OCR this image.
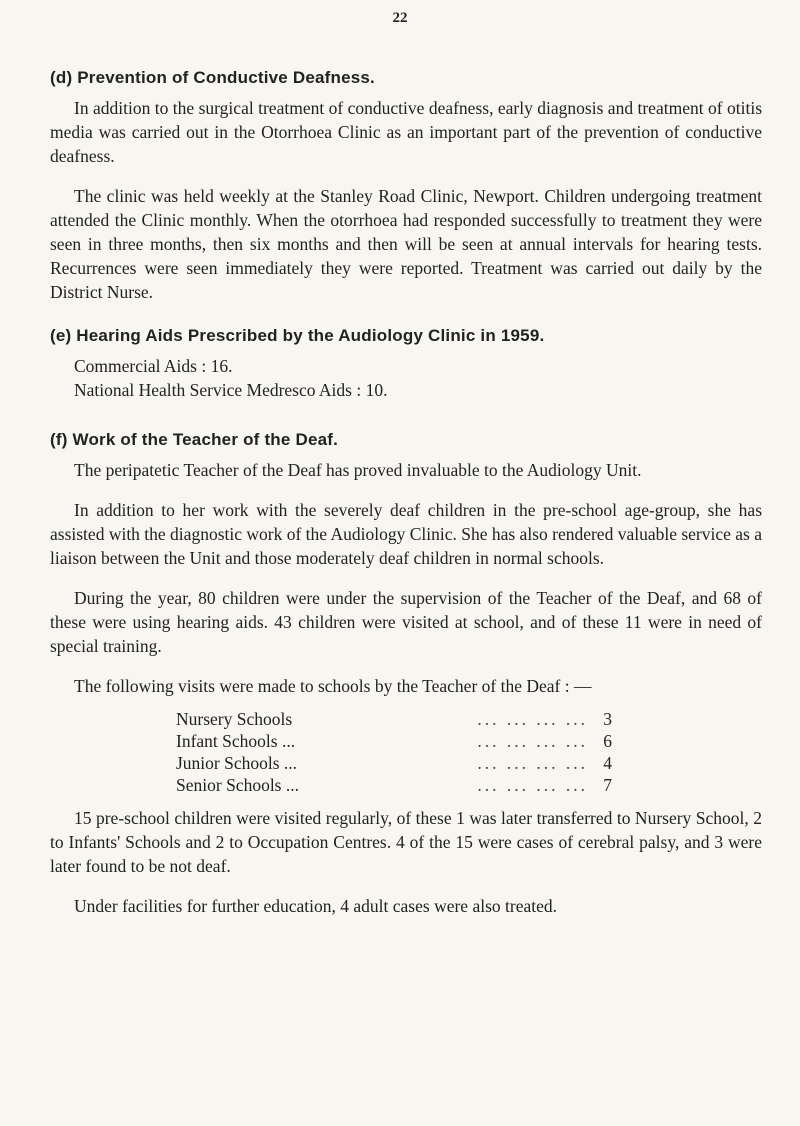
22
(d) Prevention of Conductive Deafness.

In addition to the surgical treatment of conductive deafness, early diagnosis and treatment of otitis media was carried out in the Otorrhoea Clinic as an important part of the prevention of conductive deafness.

The clinic was held weekly at the Stanley Road Clinic, Newport. Children undergoing treatment attended the Clinic monthly. When the otorrhoea had responded successfully to treatment they were seen in three months, then six months and then will be seen at annual intervals for hearing tests. Recurrences were seen immediately they were reported. Treatment was carried out daily by the District Nurse.

(e) Hearing Aids Prescribed by the Audiology Clinic in 1959.

Commercial Aids : 16.

National Health Service Medresco Aids : 10.

(f) Work of the Teacher of the Deaf.

The peripatetic Teacher of the Deaf has proved invaluable to the Audiology Unit.

In addition to her work with the severely deaf children in the pre-school age-group, she has assisted with the diagnostic work of the Audiology Clinic. She has also rendered valuable service as a liaison between the Unit and those moderately deaf children in normal schools.

During the year, 80 children were under the supervision of the Teacher of the Deaf, and 68 of these were using hearing aids. 43 children were visited at school, and of these 11 were in need of special training.

The following visits were made to schools by the Teacher of the Deaf : —

Nursery Schools	... ... ... ... 3
Infant Schools ...	... ... ... ... 6
Junior Schools ...	... ... ... ... 4
Senior Schools ...	... ... ... ... 7

15 pre-school children were visited regularly, of these 1 was later transferred to Nursery School, 2 to Infants' Schools and 2 to Occupation Centres. 4 of the 15 were cases of cerebral palsy, and 3 were later found to be not deaf.

Under facilities for further education, 4 adult cases were also treated.
